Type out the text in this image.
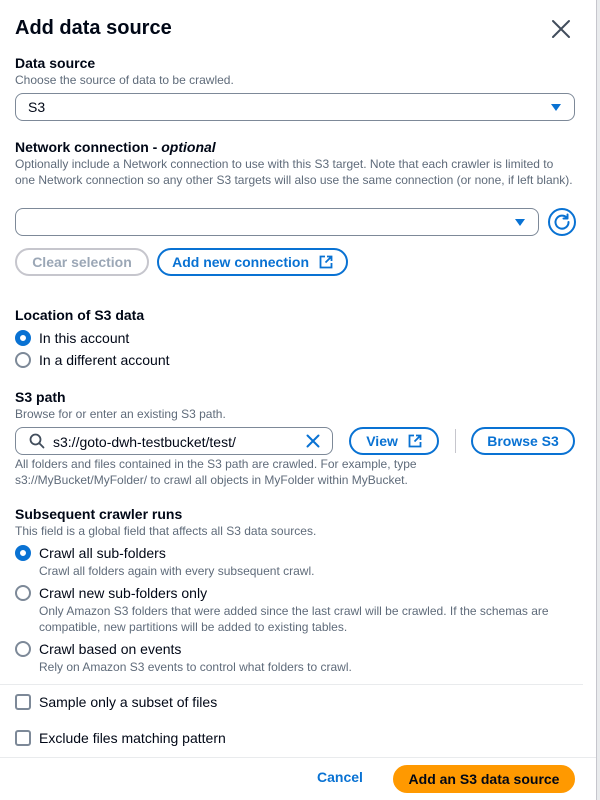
Add data source
Data source
Choose the source of data to be crawled.
S3
Network connection - optional
Optionally include a Network connection to use with this S3 target. Note that each crawler is limited to one Network connection so any other S3 targets will also use the same connection (or none, if left blank).
Clear selection	Add new connection
Location of S3 data
In this account
In a different account
S3 path
Browse for or enter an existing S3 path.
s3://goto-dwh-testbucket/test/	View	Browse S3
All folders and files contained in the S3 path are crawled. For example, type s3://MyBucket/MyFolder/ to crawl all objects in MyFolder within MyBucket.
Subsequent crawler runs
This field is a global field that affects all S3 data sources.
Crawl all sub-folders
Crawl all folders again with every subsequent crawl.
Crawl new sub-folders only
Only Amazon S3 folders that were added since the last crawl will be crawled. If the schemas are compatible, new partitions will be added to existing tables.
Crawl based on events
Rely on Amazon S3 events to control what folders to crawl.
Sample only a subset of files
Exclude files matching pattern
Cancel	Add an S3 data source
